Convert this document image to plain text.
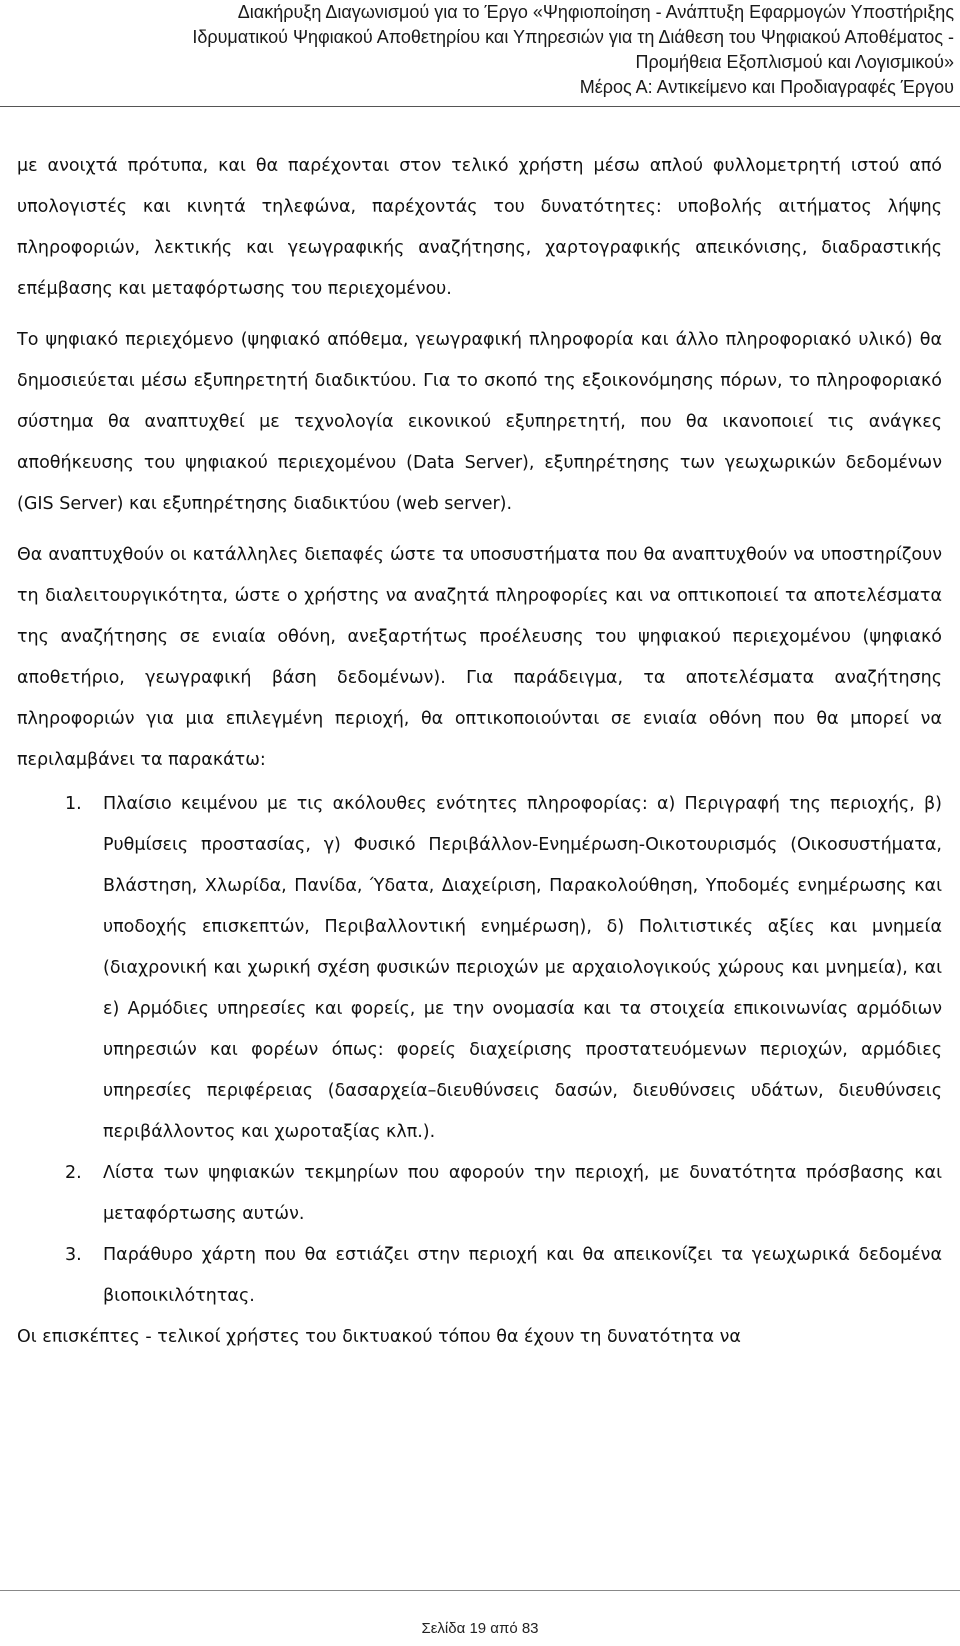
Διακήρυξη Διαγωνισμού για το Έργο «Ψηφιοποίηση - Ανάπτυξη Εφαρμογών Υποστήριξης
Ιδρυματικού Ψηφιακού Αποθετηρίου και Υπηρεσιών για τη Διάθεση του Ψηφιακού Αποθέματος -
Προμήθεια Εξοπλισμού και Λογισμικού»
Μέρος Α: Αντικείμενο και Προδιαγραφές Έργου

με ανοιχτά πρότυπα, και θα παρέχονται στον τελικό χρήστη μέσω απλού φυλλομετρητή ιστού από υπολογιστές και κινητά τηλεφώνα, παρέχοντάς του δυνατότητες: υποβολής αιτήματος λήψης πληροφοριών, λεκτικής και γεωγραφικής αναζήτησης, χαρτογραφικής απεικόνισης, διαδραστικής επέμβασης και μεταφόρτωσης του περιεχομένου.

Το ψηφιακό περιεχόμενο (ψηφιακό απόθεμα, γεωγραφική πληροφορία και άλλο πληροφοριακό υλικό) θα δημοσιεύεται μέσω εξυπηρετητή διαδικτύου. Για το σκοπό της εξοικονόμησης πόρων, το πληροφοριακό σύστημα θα αναπτυχθεί με τεχνολογία εικονικού εξυπηρετητή, που θα ικανοποιεί τις ανάγκες αποθήκευσης του ψηφιακού περιεχομένου (Data Server), εξυπηρέτησης των γεωχωρικών δεδομένων (GIS Server) και εξυπηρέτησης διαδικτύου (web server).

Θα αναπτυχθούν οι κατάλληλες διεπαφές ώστε τα υποσυστήματα που θα αναπτυχθούν να υποστηρίζουν τη διαλειτουργικότητα, ώστε ο χρήστης να αναζητά πληροφορίες και να οπτικοποιεί τα αποτελέσματα της αναζήτησης σε ενιαία οθόνη, ανεξαρτήτως προέλευσης του ψηφιακού περιεχομένου (ψηφιακό αποθετήριο, γεωγραφική βάση δεδομένων). Για παράδειγμα, τα αποτελέσματα αναζήτησης πληροφοριών για μια επιλεγμένη περιοχή, θα οπτικοποιούνται σε ενιαία οθόνη που θα μπορεί να περιλαμβάνει τα παρακάτω:

1. Πλαίσιο κειμένου με τις ακόλουθες ενότητες πληροφορίας: α) Περιγραφή της περιοχής, β) Ρυθμίσεις προστασίας, γ) Φυσικό Περιβάλλον-Ενημέρωση-Οικοτουρισμός (Οικοσυστήματα, Βλάστηση, Χλωρίδα, Πανίδα, Ύδατα, Διαχείριση, Παρακολούθηση, Υποδομές ενημέρωσης και υποδοχής επισκεπτών, Περιβαλλοντική ενημέρωση), δ) Πολιτιστικές αξίες και μνημεία (διαχρονική και χωρική σχέση φυσικών περιοχών με αρχαιολογικούς χώρους και μνημεία), και ε) Αρμόδιες υπηρεσίες και φορείς, με την ονομασία και τα στοιχεία επικοινωνίας αρμόδιων υπηρεσιών και φορέων όπως: φορείς διαχείρισης προστατευόμενων περιοχών, αρμόδιες υπηρεσίες περιφέρειας (δασαρχεία–διευθύνσεις δασών, διευθύνσεις υδάτων, διευθύνσεις περιβάλλοντος και χωροταξίας κλπ.).
2. Λίστα των ψηφιακών τεκμηρίων που αφορούν την περιοχή, με δυνατότητα πρόσβασης και μεταφόρτωσης αυτών.
3. Παράθυρο χάρτη που θα εστιάζει στην περιοχή και θα απεικονίζει τα γεωχωρικά δεδομένα βιοποικιλότητας.

Οι επισκέπτες - τελικοί χρήστες του δικτυακού τόπου θα έχουν τη δυνατότητα να

Σελίδα 19 από 83
